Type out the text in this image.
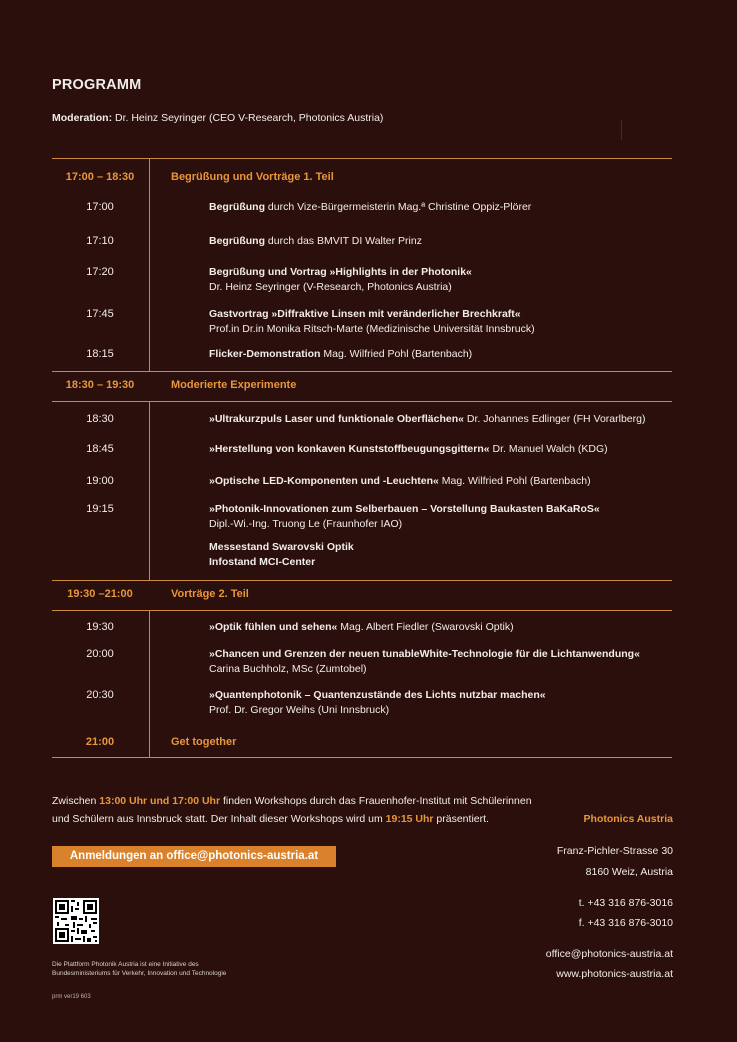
PROGRAMM
Moderation: Dr. Heinz Seyringer (CEO V-Research, Photonics Austria)
17:00 – 18:30	Begrüßung und Vorträge 1. Teil
17:00	Begrüßung durch Vize-Bürgermeisterin Mag.ª Christine Oppiz-Plörer
17:10	Begrüßung durch das BMVIT DI Walter Prinz
17:20	Begrüßung und Vortrag »Highlights in der Photonik«
Dr. Heinz Seyringer (V-Research, Photonics Austria)
17:45	Gastvortrag »Diffraktive Linsen mit veränderlicher Brechkraft«
Prof.in Dr.in Monika Ritsch-Marte (Medizinische Universität Innsbruck)
18:15	Flicker-Demonstration Mag. Wilfried Pohl (Bartenbach)
18:30 – 19:30	Moderierte Experimente
18:30	»Ultrakurzpuls Laser und funktionale Oberflächen« Dr. Johannes Edlinger (FH Vorarlberg)
18:45	»Herstellung von konkaven Kunststoffbeugungsgittern« Dr. Manuel Walch (KDG)
19:00	»Optische LED-Komponenten und -Leuchten« Mag. Wilfried Pohl (Bartenbach)
19:15	»Photonik-Innovationen zum Selberbauen – Vorstellung Baukasten BaKaRoS«
Dipl.-Wi.-Ing. Truong Le (Fraunhofer IAO)
Messestand Swarovski Optik
Infostand MCI-Center
19:30 –21:00	Vorträge 2. Teil
19:30	»Optik fühlen und sehen« Mag. Albert Fiedler (Swarovski Optik)
20:00	»Chancen und Grenzen der neuen tunableWhite-Technologie für die Lichtanwendung«
Carina Buchholz, MSc (Zumtobel)
20:30	»Quantenphotonik – Quantenzustände des Lichts nutzbar machen«
Prof. Dr. Gregor Weihs (Uni Innsbruck)
21:00	Get together
Zwischen 13:00 Uhr und 17:00 Uhr finden Workshops durch das Frauenhofer-Institut mit Schülerinnen und Schülern aus Innsbruck statt. Der Inhalt dieser Workshops wird um 19:15 Uhr präsentiert.
Anmeldungen an office@photonics-austria.at
Photonics Austria
Franz-Pichler-Strasse 30
8160 Weiz, Austria
t. +43 316 876-3016
f. +43 316 876-3010
office@photonics-austria.at
www.photonics-austria.at
Die Plattform Photonik Austria ist eine Initiative des Bundesministeriums für Verkehr, Innovation und Technologie
prm ver19 603
